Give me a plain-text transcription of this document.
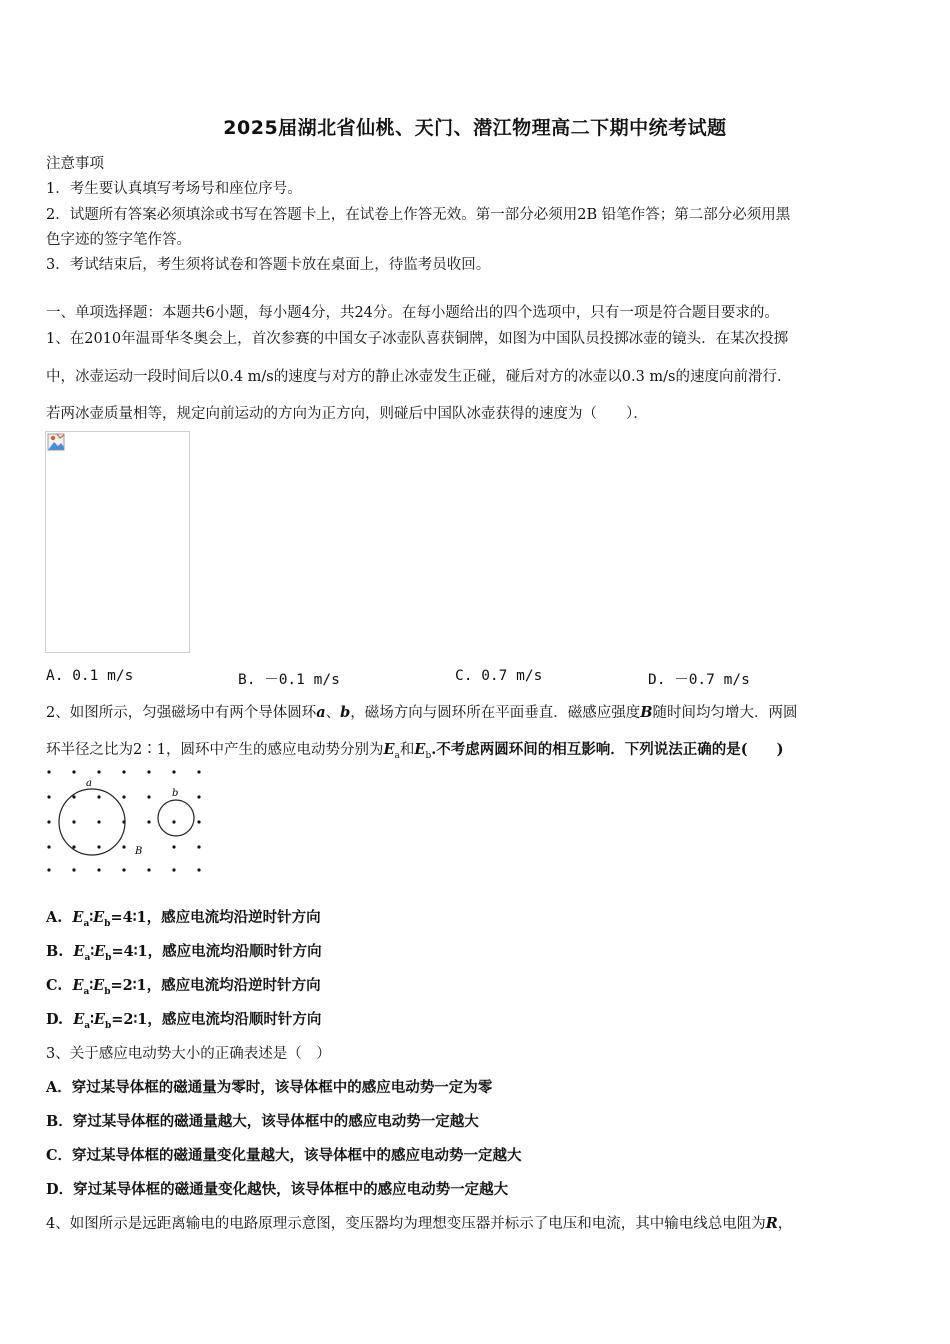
2025届湖北省仙桃、天门、潜江物理高二下期中统考试题
注意事项
1．考生要认真填写考场号和座位序号。
2．试题所有答案必须填涂或书写在答题卡上，在试卷上作答无效。第一部分必须用2B 铅笔作答；第二部分必须用黑
色字迹的签字笔作答。
3．考试结束后，考生须将试卷和答题卡放在桌面上，待监考员收回。
一、单项选择题：本题共6小题，每小题4分，共24分。在每小题给出的四个选项中，只有一项是符合题目要求的。
1、在2010年温哥华冬奥会上，首次参赛的中国女子冰壶队喜获铜牌，如图为中国队员投掷冰壶的镜头．在某次投掷
中，冰壶运动一段时间后以0.4 m/s的速度与对方的静止冰壶发生正碰，碰后对方的冰壶以0.3 m/s的速度向前滑行．
若两冰壶质量相等，规定向前运动的方向为正方向，则碰后中国队冰壶获得的速度为（　　）．
A. 0.1 m/s	B. －0.1 m/s	C. 0.7 m/s	D. －0.7 m/s
2、如图所示，匀强磁场中有两个导体圆环a、b，磁场方向与圆环所在平面垂直．磁感应强度B随时间均匀增大．两圆
环半径之比为2∶1，圆环中产生的感应电动势分别为$E_a$和$E_b$.不考虑两圆环间的相互影响．下列说法正确的是(　　)
a
b
B
A. $E_a∶E_b=4∶1$，感应电流均沿逆时针方向
B. $E_a∶E_b=4∶1$，感应电流均沿顺时针方向
C. $E_a∶E_b=2∶1$，感应电流均沿逆时针方向
D. $E_a∶E_b=2∶1$，感应电流均沿顺时针方向
3、关于感应电动势大小的正确表述是（　）
A．穿过某导体框的磁通量为零时，该导体框中的感应电动势一定为零
B．穿过某导体框的磁通量越大，该导体框中的感应电动势一定越大
C．穿过某导体框的磁通量变化量越大，该导体框中的感应电动势一定越大
D．穿过某导体框的磁通量变化越快，该导体框中的感应电动势一定越大
4、如图所示是远距离输电的电路原理示意图，变压器均为理想变压器并标示了电压和电流，其中输电线总电阻为R，
